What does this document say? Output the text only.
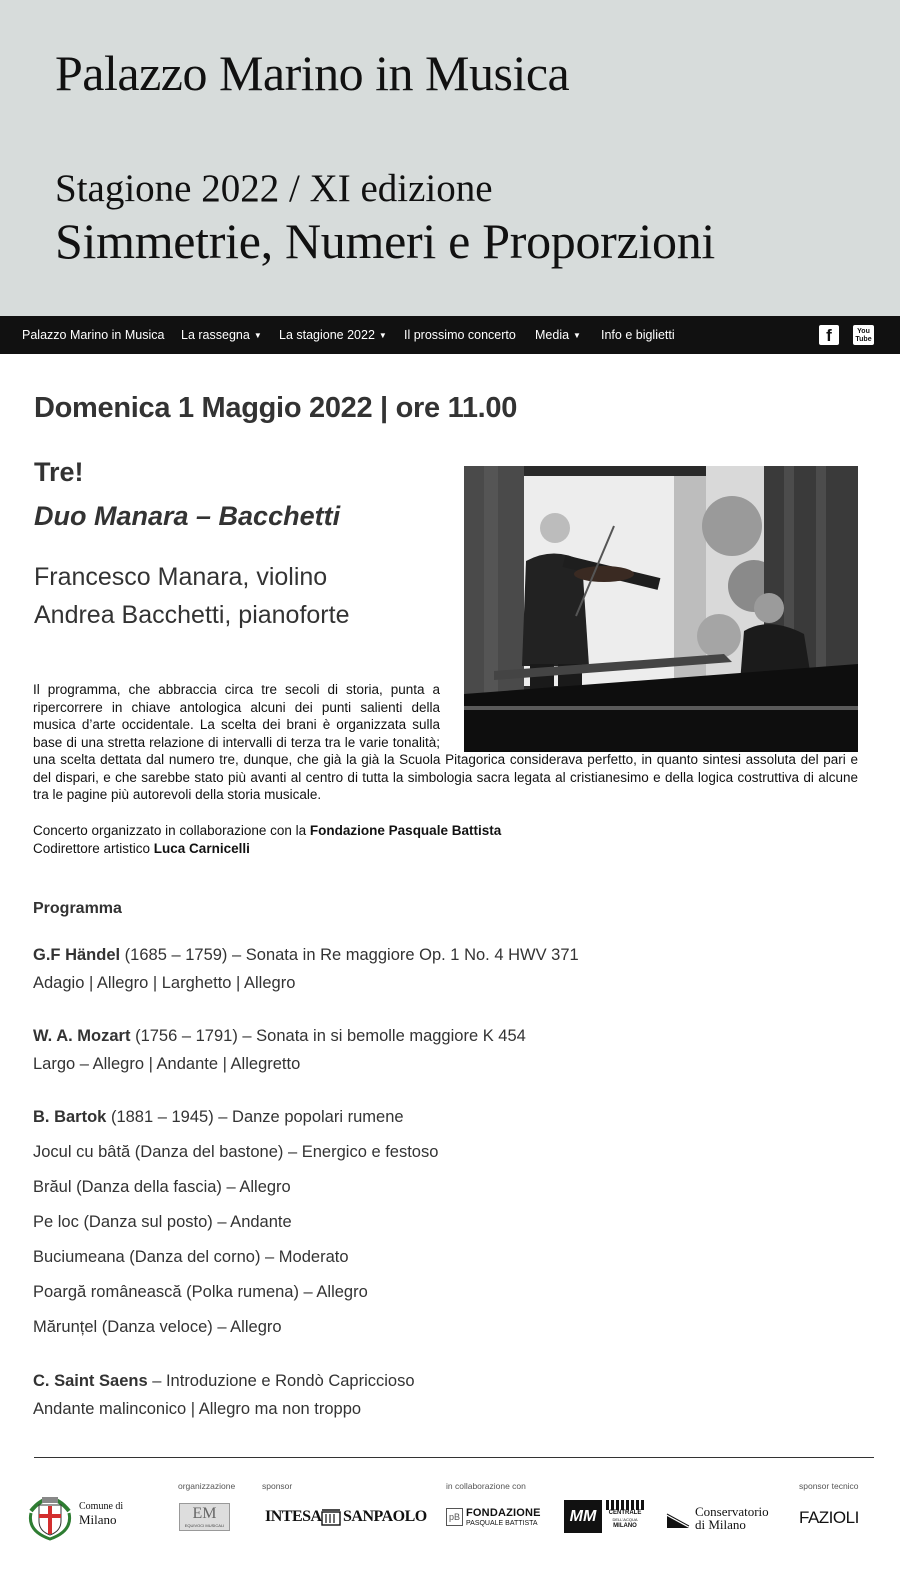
Palazzo Marino in Musica
Stagione 2022 / XI edizione
Simmetrie, Numeri e Proporzioni
Palazzo Marino in Musica La rassegna ▼ La stagione 2022 ▼ Il prossimo concerto Media ▼ Info e biglietti	f	You
Tube
Domenica 1 Maggio 2022 | ore 11.00
Tre!
Duo Manara – Bacchetti
Francesco Manara, violino
Andrea Bacchetti, pianoforte
Il programma, che abbraccia circa tre secoli di storia, punta a ripercorrere in chiave antologica alcuni dei punti salienti della musica d’arte occidentale. La scelta dei brani è organizzata sulla base di una stretta relazione di intervalli di terza tra le varie tonalità; una scelta dettata dal numero tre, dunque, che già la già la Scuola Pitagorica considerava perfetto, in quanto sintesi assoluta del pari e del dispari, e che sarebbe stato più avanti al centro di tutta la simbologia sacra legata al cristianesimo e della logica costruttiva di alcune tra le pagine più autorevoli della storia musicale.
Concerto organizzato in collaborazione con la Fondazione Pasquale Battista
Codirettore artistico Luca Carnicelli
Programma
G.F Händel (1685 – 1759) – Sonata in Re maggiore Op. 1 No. 4 HWV 371
Adagio | Allegro | Larghetto | Allegro
W. A. Mozart (1756 – 1791) – Sonata in si bemolle maggiore K 454
Largo – Allegro | Andante | Allegretto
B. Bartok (1881 – 1945) – Danze popolari rumene
Jocul cu bâtă (Danza del bastone) – Energico e festoso
Brăul (Danza della fascia) – Allegro
Pe loc (Danza sul posto) – Andante
Buciumeana (Danza del corno) – Moderato
Poargă românească (Polka rumena) – Allegro
Mărunțel (Danza veloce) – Allegro
C. Saint Saens – Introduzione e Rondò Capriccioso
Andante malinconico | Allegro ma non troppo
organizzazione	sponsor	in collaborazione con	sponsor tecnico
Comune di
Milano	EM
EQUIVOCI MUSICALI
INTESA SANPAOLO	pB FONDAZIONE
PASQUALE BATTISTA	MM	CENTRALE
DELL'ACQUA
MILANO
Conservatorio
di Milano	FAZIOLI
